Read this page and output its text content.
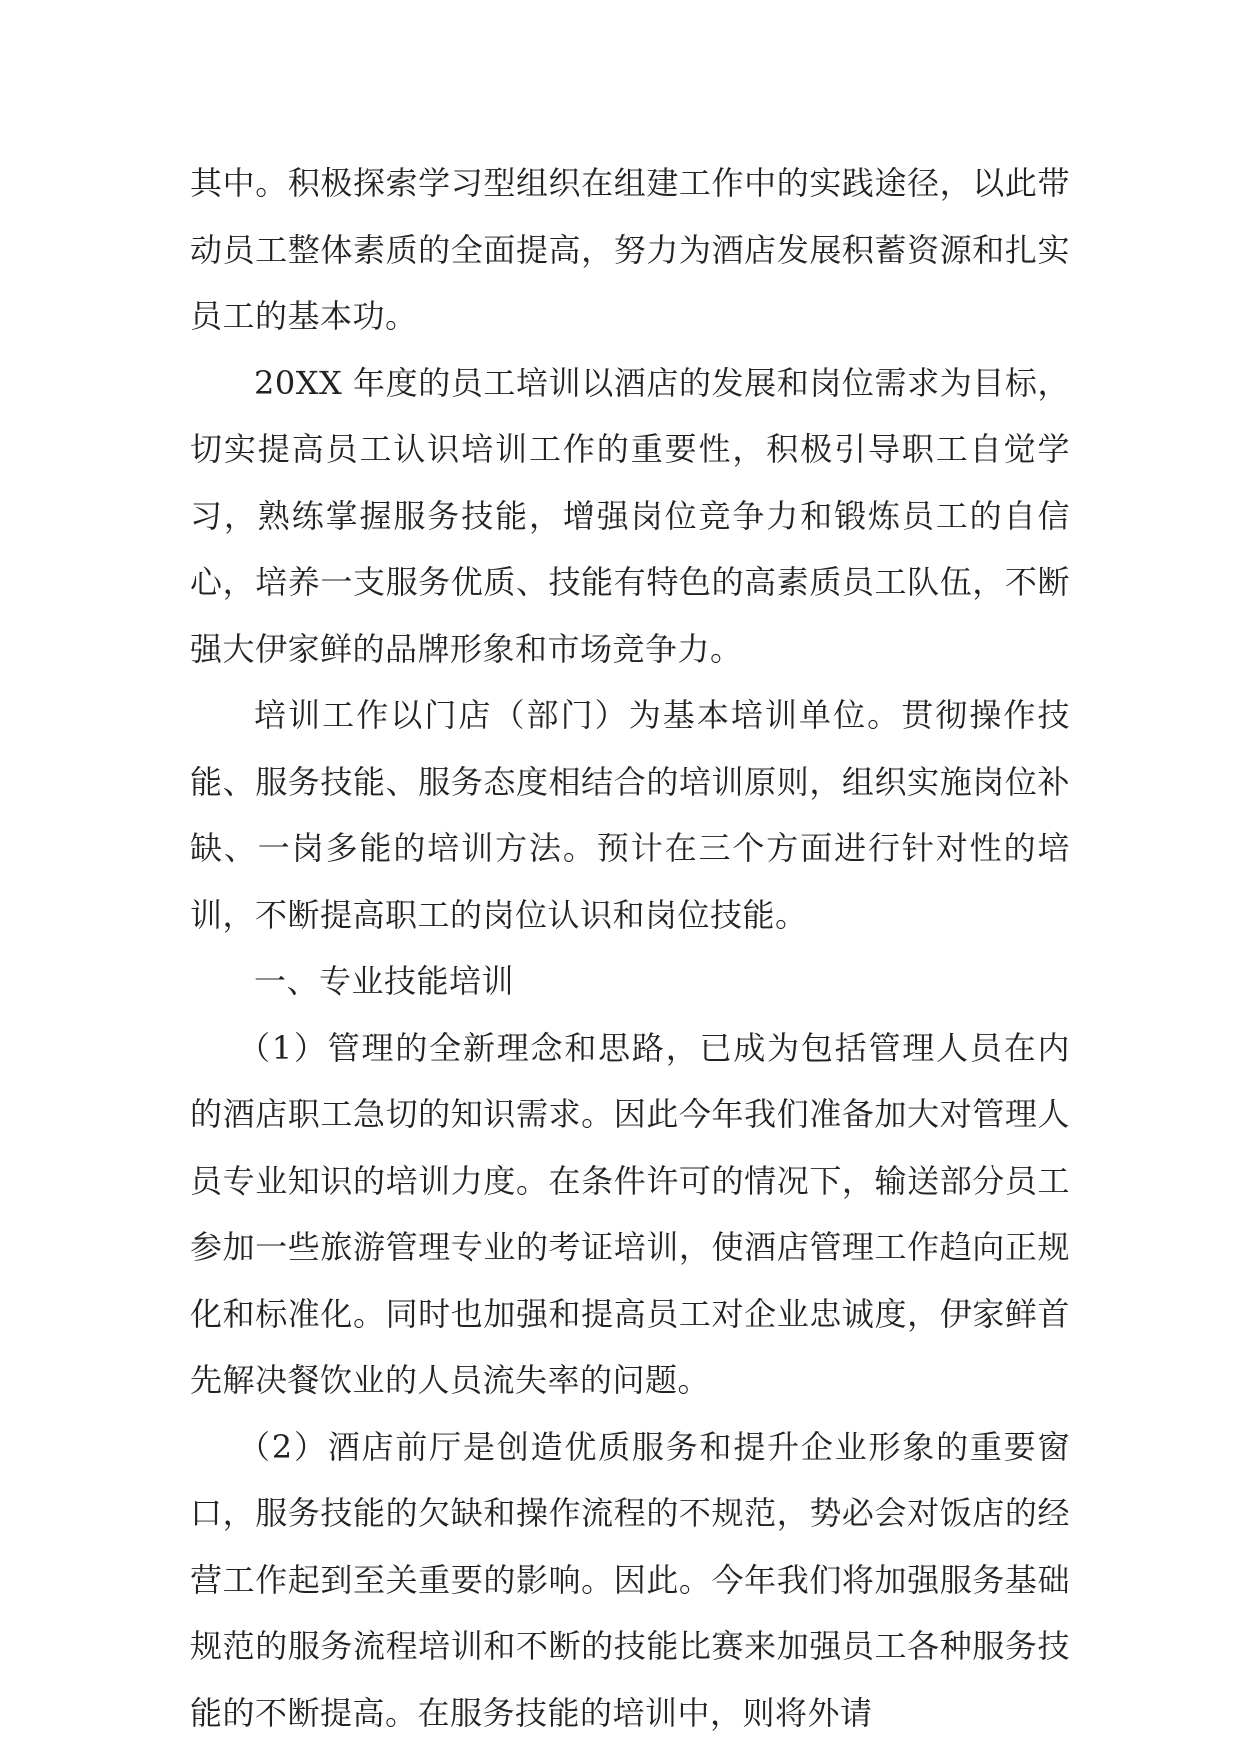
其中。积极探索学习型组织在组建工作中的实践途径，以此带动员工整体素质的全面提高，努力为酒店发展积蓄资源和扎实员工的基本功。

20XX 年度的员工培训以酒店的发展和岗位需求为目标，切实提高员工认识培训工作的重要性，积极引导职工自觉学习，熟练掌握服务技能，增强岗位竞争力和锻炼员工的自信心，培养一支服务优质、技能有特色的高素质员工队伍，不断强大伊家鲜的品牌形象和市场竞争力。

培训工作以门店（部门）为基本培训单位。贯彻操作技能、服务技能、服务态度相结合的培训原则，组织实施岗位补缺、一岗多能的培训方法。预计在三个方面进行针对性的培训，不断提高职工的岗位认识和岗位技能。

一、专业技能培训

（1）管理的全新理念和思路，已成为包括管理人员在内的酒店职工急切的知识需求。因此今年我们准备加大对管理人员专业知识的培训力度。在条件许可的情况下，输送部分员工参加一些旅游管理专业的考证培训，使酒店管理工作趋向正规化和标准化。同时也加强和提高员工对企业忠诚度，伊家鲜首先解决餐饮业的人员流失率的问题。

（2）酒店前厅是创造优质服务和提升企业形象的重要窗口，服务技能的欠缺和操作流程的不规范，势必会对饭店的经营工作起到至关重要的影响。因此。今年我们将加强服务基础规范的服务流程培训和不断的技能比赛来加强员工各种服务技能的不断提高。在服务技能的培训中，则将外请
